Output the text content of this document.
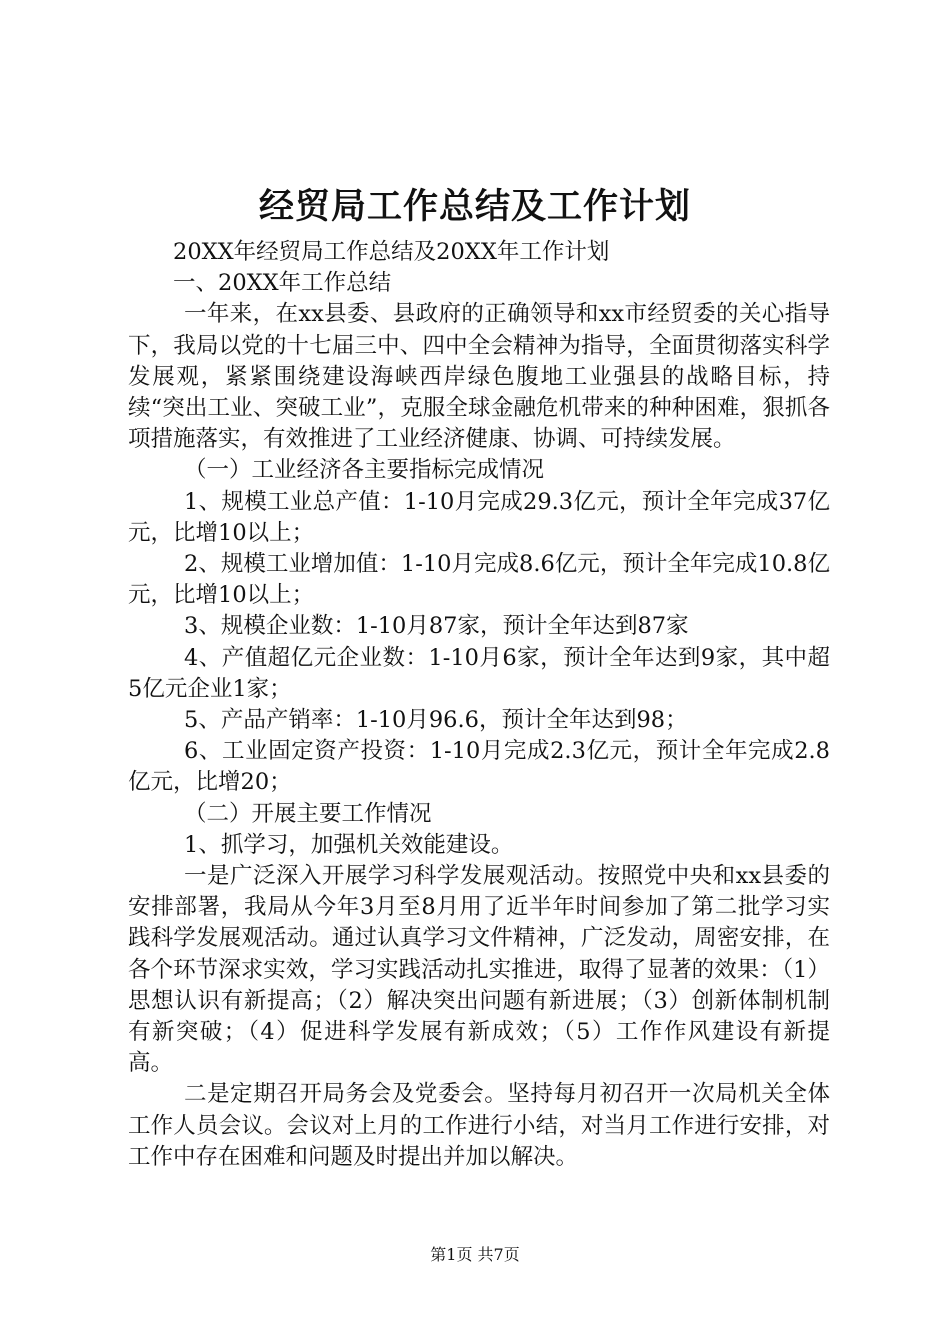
经贸局工作总结及工作计划

20XX年经贸局工作总结及20XX年工作计划

一、20XX年工作总结

一年来，在xx县委、县政府的正确领导和xx市经贸委的关心指导下，我局以党的十七届三中、四中全会精神为指导，全面贯彻落实科学发展观，紧紧围绕建设海峡西岸绿色腹地工业强县的战略目标，持续“突出工业、突破工业”，克服全球金融危机带来的种种困难，狠抓各项措施落实，有效推进了工业经济健康、协调、可持续发展。

（一）工业经济各主要指标完成情况

1、规模工业总产值：1-10月完成29.3亿元，预计全年完成37亿元，比增10以上；

2、规模工业增加值：1-10月完成8.6亿元，预计全年完成10.8亿元，比增10以上；

3、规模企业数：1-10月87家，预计全年达到87家

4、产值超亿元企业数：1-10月6家，预计全年达到9家，其中超5亿元企业1家；

5、产品产销率：1-10月96.6，预计全年达到98；

6、工业固定资产投资：1-10月完成2.3亿元，预计全年完成2.8亿元，比增20；

（二）开展主要工作情况

1、抓学习，加强机关效能建设。

一是广泛深入开展学习科学发展观活动。按照党中央和xx县委的安排部署，我局从今年3月至8月用了近半年时间参加了第二批学习实践科学发展观活动。通过认真学习文件精神，广泛发动，周密安排，在各个环节深求实效，学习实践活动扎实推进，取得了显著的效果：（1）思想认识有新提高；（2）解决突出问题有新进展；（3）创新体制机制有新突破；（4）促进科学发展有新成效；（5）工作作风建设有新提高。

二是定期召开局务会及党委会。坚持每月初召开一次局机关全体工作人员会议。会议对上月的工作进行小结，对当月工作进行安排，对工作中存在困难和问题及时提出并加以解决。

第1页 共7页
